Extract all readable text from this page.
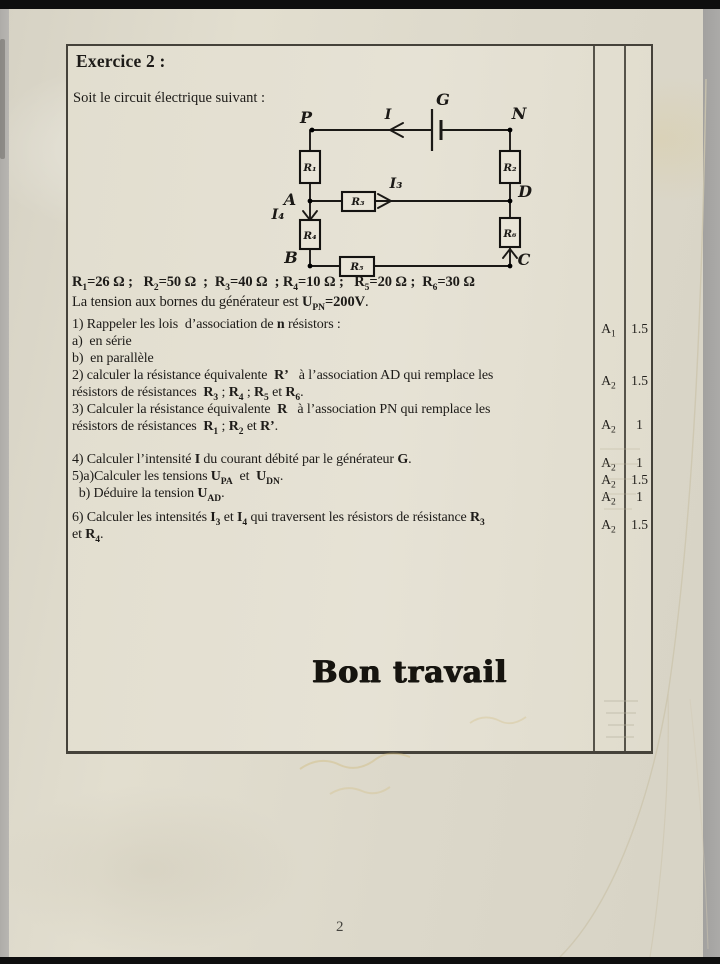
Exercice 2 :
Soit le circuit électrique suivant :
R₁	R₂
R₃
R₄
R₅
R₆
P	N
G
A	D
B	C
I
I₃
I₄
$R_1=26$ Ω ;   $R_2=50$ Ω  ;  $R_3=40$ Ω  ; $R_4=10$ Ω ;   $R_5=20$ Ω ;  $R_6=30$ Ω
La tension aux bornes du générateur est $U_{PN}=200V$.
1) Rappeler les lois  d’association de n résistors :
a)  en série
b)  en parallèle
2) calculer la résistance équivalente  R’   à l’association AD qui remplace les
résistors de résistances  $R_3$ ; $R_4$ ; $R_5$ et $R_6$.
3) Calculer la résistance équivalente  R   à l’association PN qui remplace les
résistors de résistances  $R_1$ ; $R_2$ et R’.
4) Calculer l’intensité I du courant débité par le générateur G.
5)a)Calculer les tensions $U_{PA}$  et  $U_{DN}$.
b) Déduire la tension $U_{AD}$.
6) Calculer les intensités $I_3$ et $I_4$ qui traversent les résistors de résistance $R_3$
et $R_4$.
$A_1$	1.5
$A_2$	1.5
$A_2$	1
$A_2$	1
$A_2$	1.5
$A_2$	1
$A_2$	1.5
Bon travail
2
